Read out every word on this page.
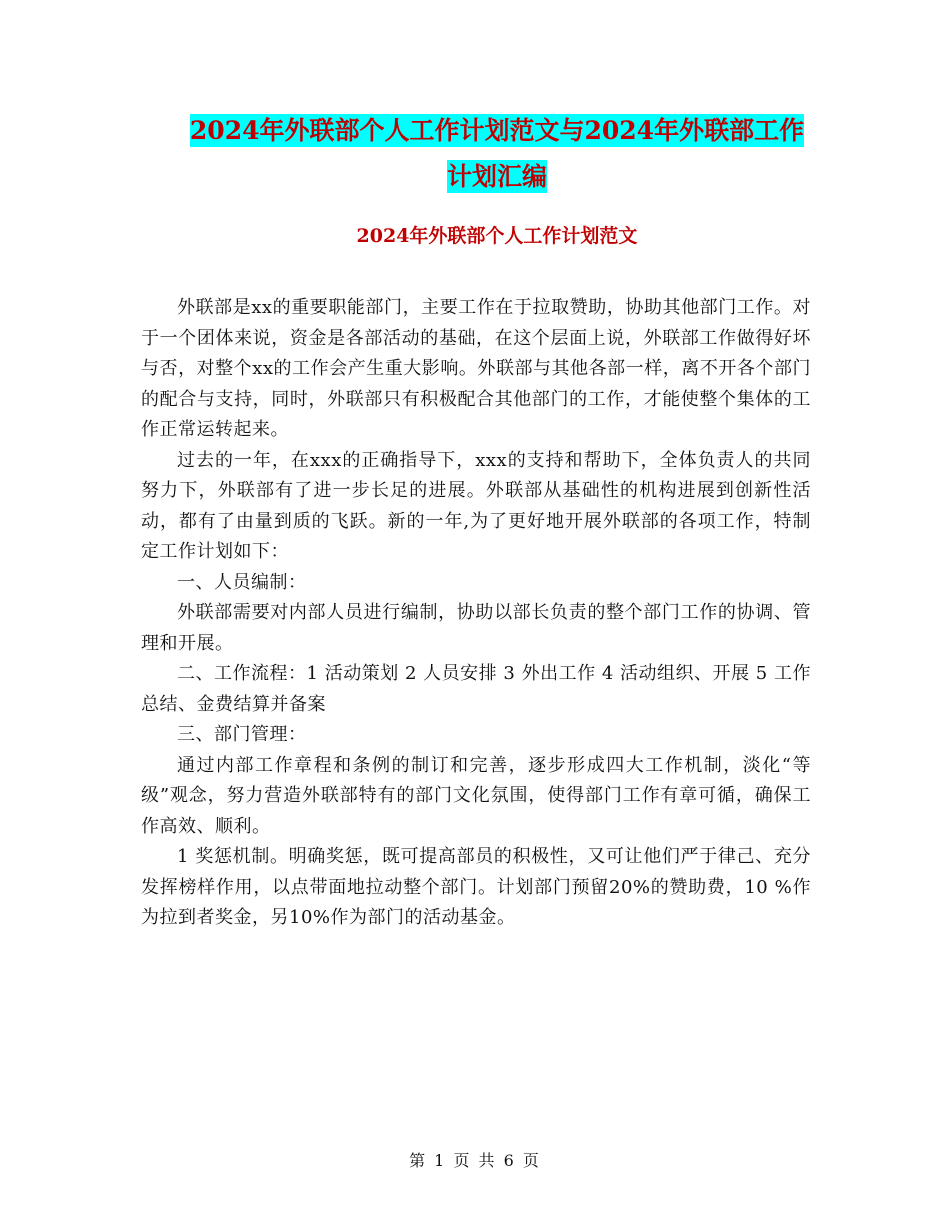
2024年外联部个人工作计划范文与2024年外联部工作
计划汇编
2024年外联部个人工作计划范文

外联部是xx的重要职能部门，主要工作在于拉取赞助，协助其他部门工作。对于一个团体来说，资金是各部活动的基础，在这个层面上说，外联部工作做得好坏与否，对整个xx的工作会产生重大影响。外联部与其他各部一样，离不开各个部门的配合与支持，同时，外联部只有积极配合其他部门的工作，才能使整个集体的工作正常运转起来。

过去的一年，在xxx的正确指导下，xxx的支持和帮助下，全体负责人的共同努力下，外联部有了进一步长足的进展。外联部从基础性的机构进展到创新性活动，都有了由量到质的飞跃。新的一年,为了更好地开展外联部的各项工作，特制定工作计划如下：

一、人员编制：

外联部需要对内部人员进行编制，协助以部长负责的整个部门工作的协调、管理和开展。

二、工作流程：1 活动策划 2 人员安排 3 外出工作 4 活动组织、开展 5 工作总结、金费结算并备案

三、部门管理：

通过内部工作章程和条例的制订和完善，逐步形成四大工作机制，淡化“等级”观念，努力营造外联部特有的部门文化氛围，使得部门工作有章可循，确保工作高效、顺利。

1 奖惩机制。明确奖惩，既可提高部员的积极性，又可让他们严于律己、充分发挥榜样作用，以点带面地拉动整个部门。计划部门预留20%的赞助费，10 %作为拉到者奖金，另10%作为部门的活动基金。

第 1 页 共 6 页
